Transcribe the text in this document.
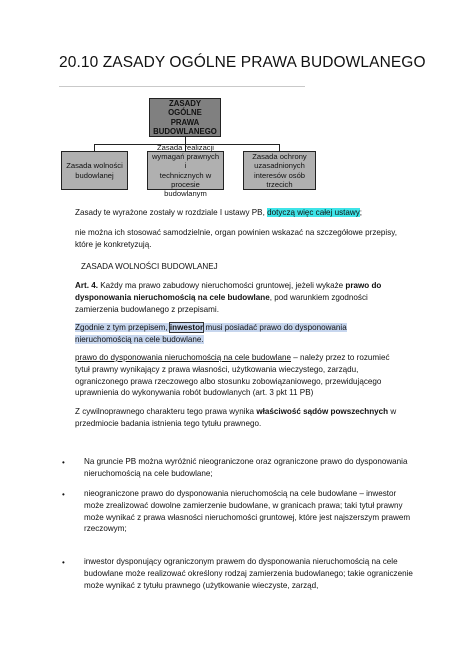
20.10 ZASADY OGÓLNE PRAWA BUDOWLANEGO
ZASADY OGÓLNE
PRAWA
BUDOWLANEGO
Zasada wolności
budowlanej
Zasada realizacji
wymagań prawnych i
technicznych w
procesie budowlanym
Zasada ochrony
uzasadnionych
interesów osób
trzecich
Zasady te wyrażone zostały w rozdziale I ustawy PB, dotyczą więc całej ustawy;
nie można ich stosować samodzielnie, organ powinien wskazać na szczegółowe przepisy, które je konkretyzują.
ZASADA WOLNOŚCI BUDOWLANEJ
Art. 4. Każdy ma prawo zabudowy nieruchomości gruntowej, jeżeli wykaże prawo do dysponowania nieruchomością na cele budowlane, pod warunkiem zgodności zamierzenia budowlanego z przepisami.
Zgodnie z tym przepisem, inwestor musi posiadać prawo do dysponowania nieruchomością na cele budowlane.
prawo do dysponowania nieruchomością na cele budowlane – należy przez to rozumieć tytuł prawny wynikający z prawa własności, użytkowania wieczystego, zarządu, ograniczonego prawa rzeczowego albo stosunku zobowiązaniowego, przewidującego uprawnienia do wykonywania robót budowlanych (art. 3 pkt 11 PB)
Z cywilnoprawnego charakteru tego prawa wynika właściwość sądów powszechnych w przedmiocie badania istnienia tego tytułu prawnego.
• Na gruncie PB można wyróżnić nieograniczone oraz ograniczone prawo do dysponowania nieruchomością na cele budowlane;
• nieograniczone prawo do dysponowania nieruchomością na cele budowlane – inwestor może zrealizować dowolne zamierzenie budowlane, w granicach prawa; taki tytuł prawny może wynikać z prawa własności nieruchomości gruntowej, które jest najszerszym prawem rzeczowym;
• inwestor dysponujący ograniczonym prawem do dysponowania nieruchomością na cele budowlane może realizować określony rodzaj zamierzenia budowlanego; takie ograniczenie może wynikać z tytułu prawnego (użytkowanie wieczyste, zarząd,
